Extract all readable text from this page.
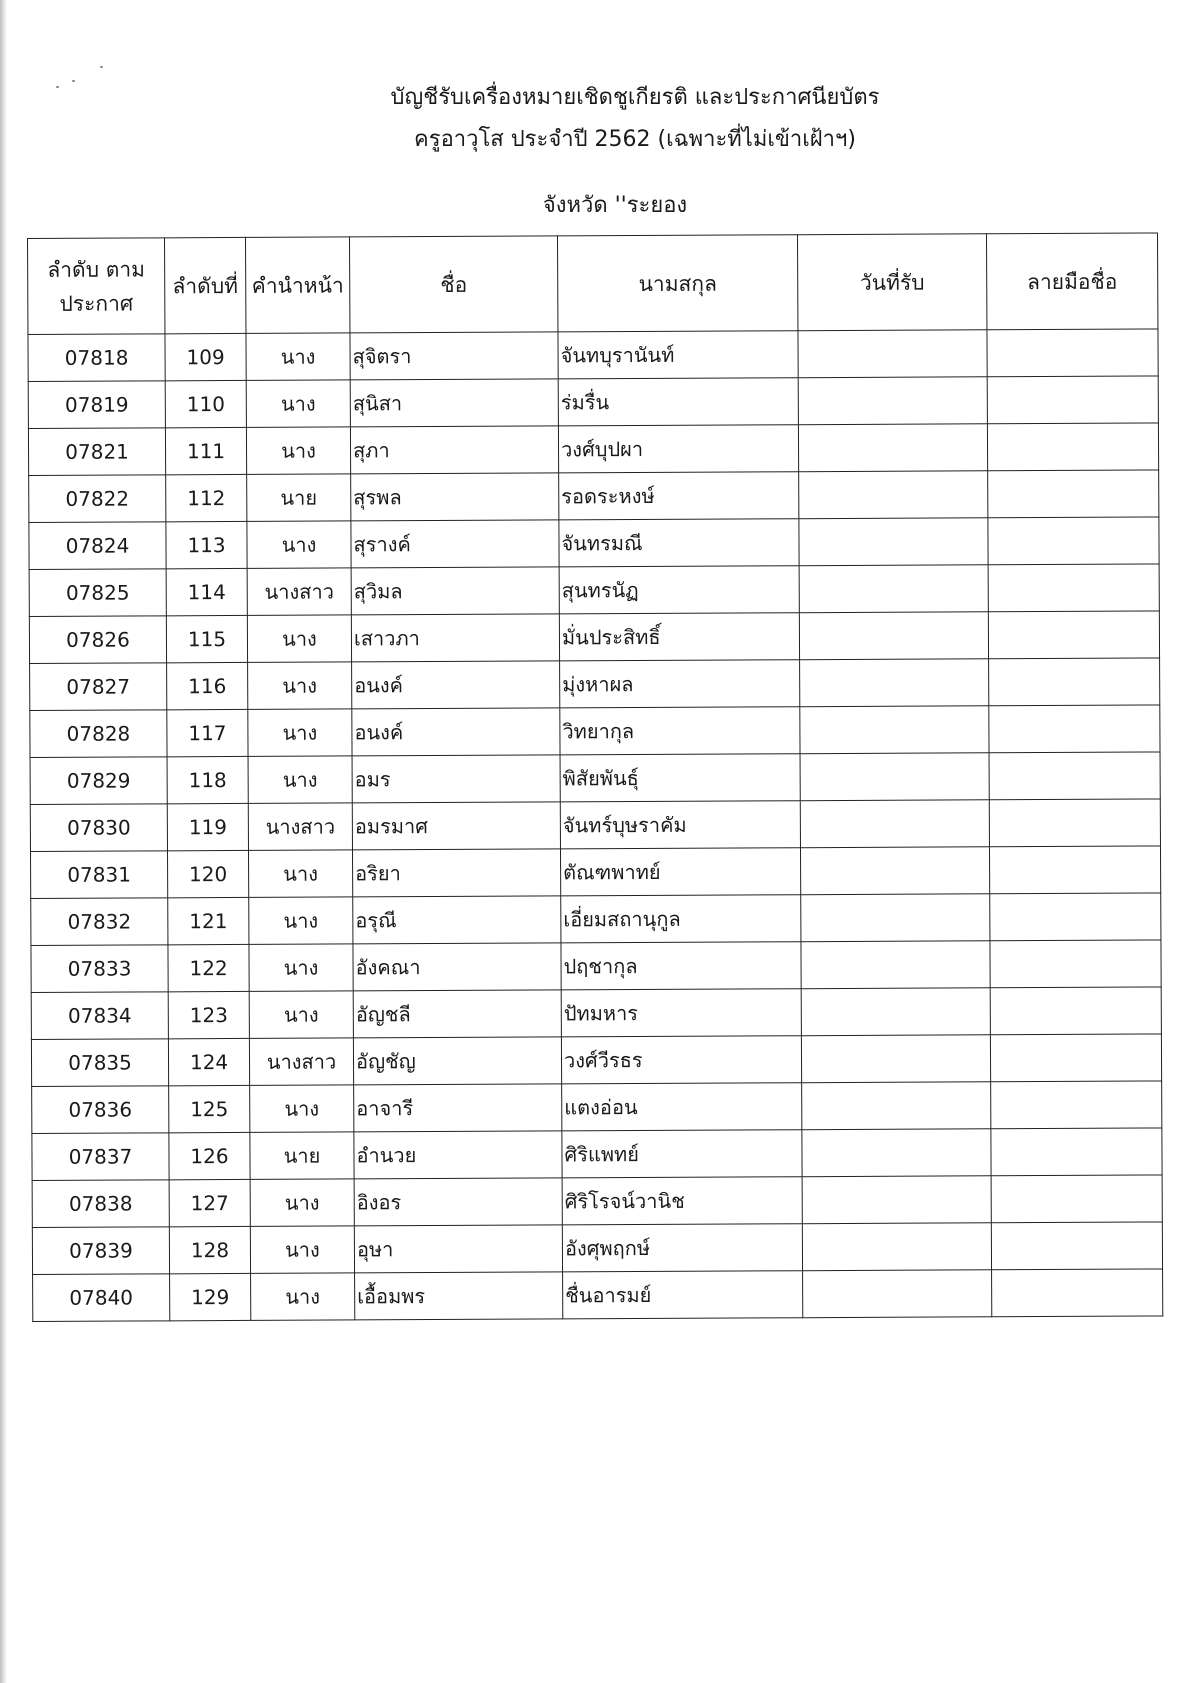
บัญชีรับเครื่องหมายเชิดชูเกียรติ และประกาศนียบัตร
ครูอาวุโส ประจำปี 2562 (เฉพาะที่ไม่เข้าเฝ้าฯ)
จังหวัด ''ระยอง
ลำดับ ตามประกาศ	ลำดับที่	คำนำหน้า	ชื่อ	นามสกุล	วันที่รับ	ลายมือชื่อ
07818	109	นาง	สุจิตรา	จันทบุรานันท์		
07819	110	นาง	สุนิสา	ร่มรื่น		
07821	111	นาง	สุภา	วงศ์บุปผา		
07822	112	นาย	สุรพล	รอดระหงษ์		
07824	113	นาง	สุรางค์	จันทรมณี		
07825	114	นางสาว	สุวิมล	สุนทรนัฏ		
07826	115	นาง	เสาวภา	มั่นประสิทธิ์		
07827	116	นาง	อนงค์	มุ่งหาผล		
07828	117	นาง	อนงค์	วิทยากุล		
07829	118	นาง	อมร	พิสัยพันธุ์		
07830	119	นางสาว	อมรมาศ	จันทร์บุษราคัม		
07831	120	นาง	อริยา	ตัณฑพาทย์		
07832	121	นาง	อรุณี	เอี่ยมสถานุกูล		
07833	122	นาง	อังคณา	ปฤชากุล		
07834	123	นาง	อัญชลี	ปัทมหาร		
07835	124	นางสาว	อัญชัญ	วงศ์วีรธร		
07836	125	นาง	อาจารี	แตงอ่อน		
07837	126	นาย	อำนวย	ศิริแพทย์		
07838	127	นาง	อิงอร	ศิริโรจน์วานิช		
07839	128	นาง	อุษา	อังศุพฤกษ์		
07840	129	นาง	เอื้อมพร	ชื่นอารมย์		
